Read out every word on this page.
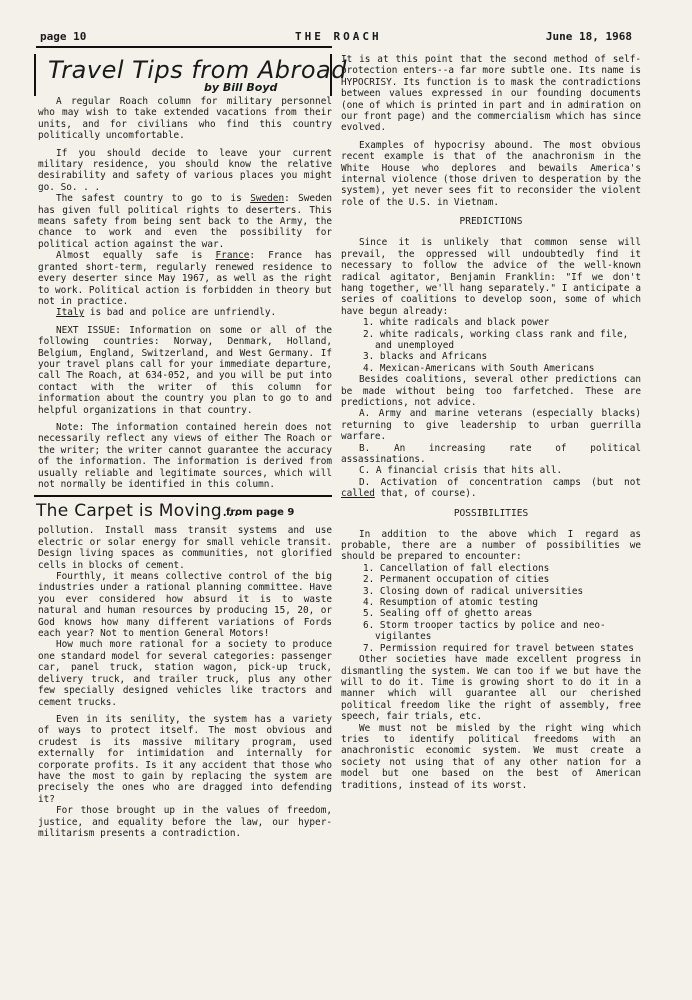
page 10	THE ROACH	June 18, 1968
Travel Tips from Abroad
by Bill Boyd

A regular Roach column for military personnel who may wish to take extended vacations from their units, and for civilians who find this country politically uncomfortable.

If you should decide to leave your current military residence, you should know the relative desirability and safety of various places you might go. So. . .

The safest country to go to is Sweden: Sweden has given full political rights to deserters. This means safety from being sent back to the Army, the chance to work and even the possibility for political action against the war.

Almost equally safe is France: France has granted short-term, regularly renewed residence to every deserter since May 1967, as well as the right to work. Political action is forbidden in theory but not in practice.

Italy is bad and police are unfriendly.

NEXT ISSUE: Information on some or all of the following countries: Norway, Denmark, Holland, Belgium, England, Switzerland, and West Germany. If your travel plans call for your immediate departure, call The Roach, at 634-052, and you will be put into contact with the writer of this column for information about the country you plan to go to and helpful organizations in that country.

Note: The information contained herein does not necessarily reflect any views of either The Roach or the writer; the writer cannot guarantee the accuracy of the information. The information is derived from usually reliable and legitimate sources, which will not normally be identified in this column.

The Carpet is Moving...
from page 9

pollution. Install mass transit systems and use electric or solar energy for small vehicle transit. Design living spaces as communities, not glorified cells in blocks of cement.

Fourthly, it means collective control of the big industries under a rational planning committee. Have you ever considered how absurd it is to waste natural and human resources by producing 15, 20, or God knows how many different variations of Fords each year? Not to mention General Motors!

How much more rational for a society to produce one standard model for several categories: passenger car, panel truck, station wagon, pick-up truck, delivery truck, and trailer truck, plus any other few specially designed vehicles like tractors and cement trucks.

Even in its senility, the system has a variety of ways to protect itself. The most obvious and crudest is its massive military program, used externally for intimidation and internally for corporate profits. Is it any accident that those who have the most to gain by replacing the system are precisely the ones who are dragged into defending it?

For those brought up in the values of freedom, justice, and equality before the law, our hyper-militarism presents a contradiction.

It is at this point that the second method of self-protection enters--a far more subtle one. Its name is HYPOCRISY. Its function is to mask the contradictions between values expressed in our founding documents (one of which is printed in part and in admiration on our front page) and the commercialism which has since evolved.

Examples of hypocrisy abound. The most obvious recent example is that of the anachronism in the White House who deplores and bewails America's internal violence (those driven to desperation by the system), yet never sees fit to reconsider the violent role of the U.S. in Vietnam.

PREDICTIONS

Since it is unlikely that common sense will prevail, the oppressed will undoubtedly find it necessary to follow the advice of the well-known radical agitator, Benjamin Franklin: "If we don't hang together, we'll hang separately." I anticipate a series of coalitions to develop soon, some of which have begun already:

1. white radicals and black power
2. white radicals, working class rank and file, and unemployed
3. blacks and Africans
4. Mexican-Americans with South Americans

Besides coalitions, several other predictions can be made without being too farfetched. These are predictions, not advice.

A. Army and marine veterans (especially blacks) returning to give leadership to urban guerrilla warfare.

B. An increasing rate of political assassinations.

C. A financial crisis that hits all.

D. Activation of concentration camps (but not called that, of course).

POSSIBILITIES

In addition to the above which I regard as probable, there are a number of possibilities we should be prepared to encounter:

1. Cancellation of fall elections
2. Permanent occupation of cities
3. Closing down of radical universities
4. Resumption of atomic testing
5. Sealing off of ghetto areas
6. Storm trooper tactics by police and neo-vigilantes
7. Permission required for travel between states

Other societies have made excellent progress in dismantling the system. We can too if we but have the will to do it. Time is growing short to do it in a manner which will guarantee all our cherished political freedom like the right of assembly, free speech, fair trials, etc.

We must not be misled by the right wing which tries to identify political freedoms with an anachronistic economic system. We must create a society not using that of any other nation for a model but one based on the best of American traditions, instead of its worst.
